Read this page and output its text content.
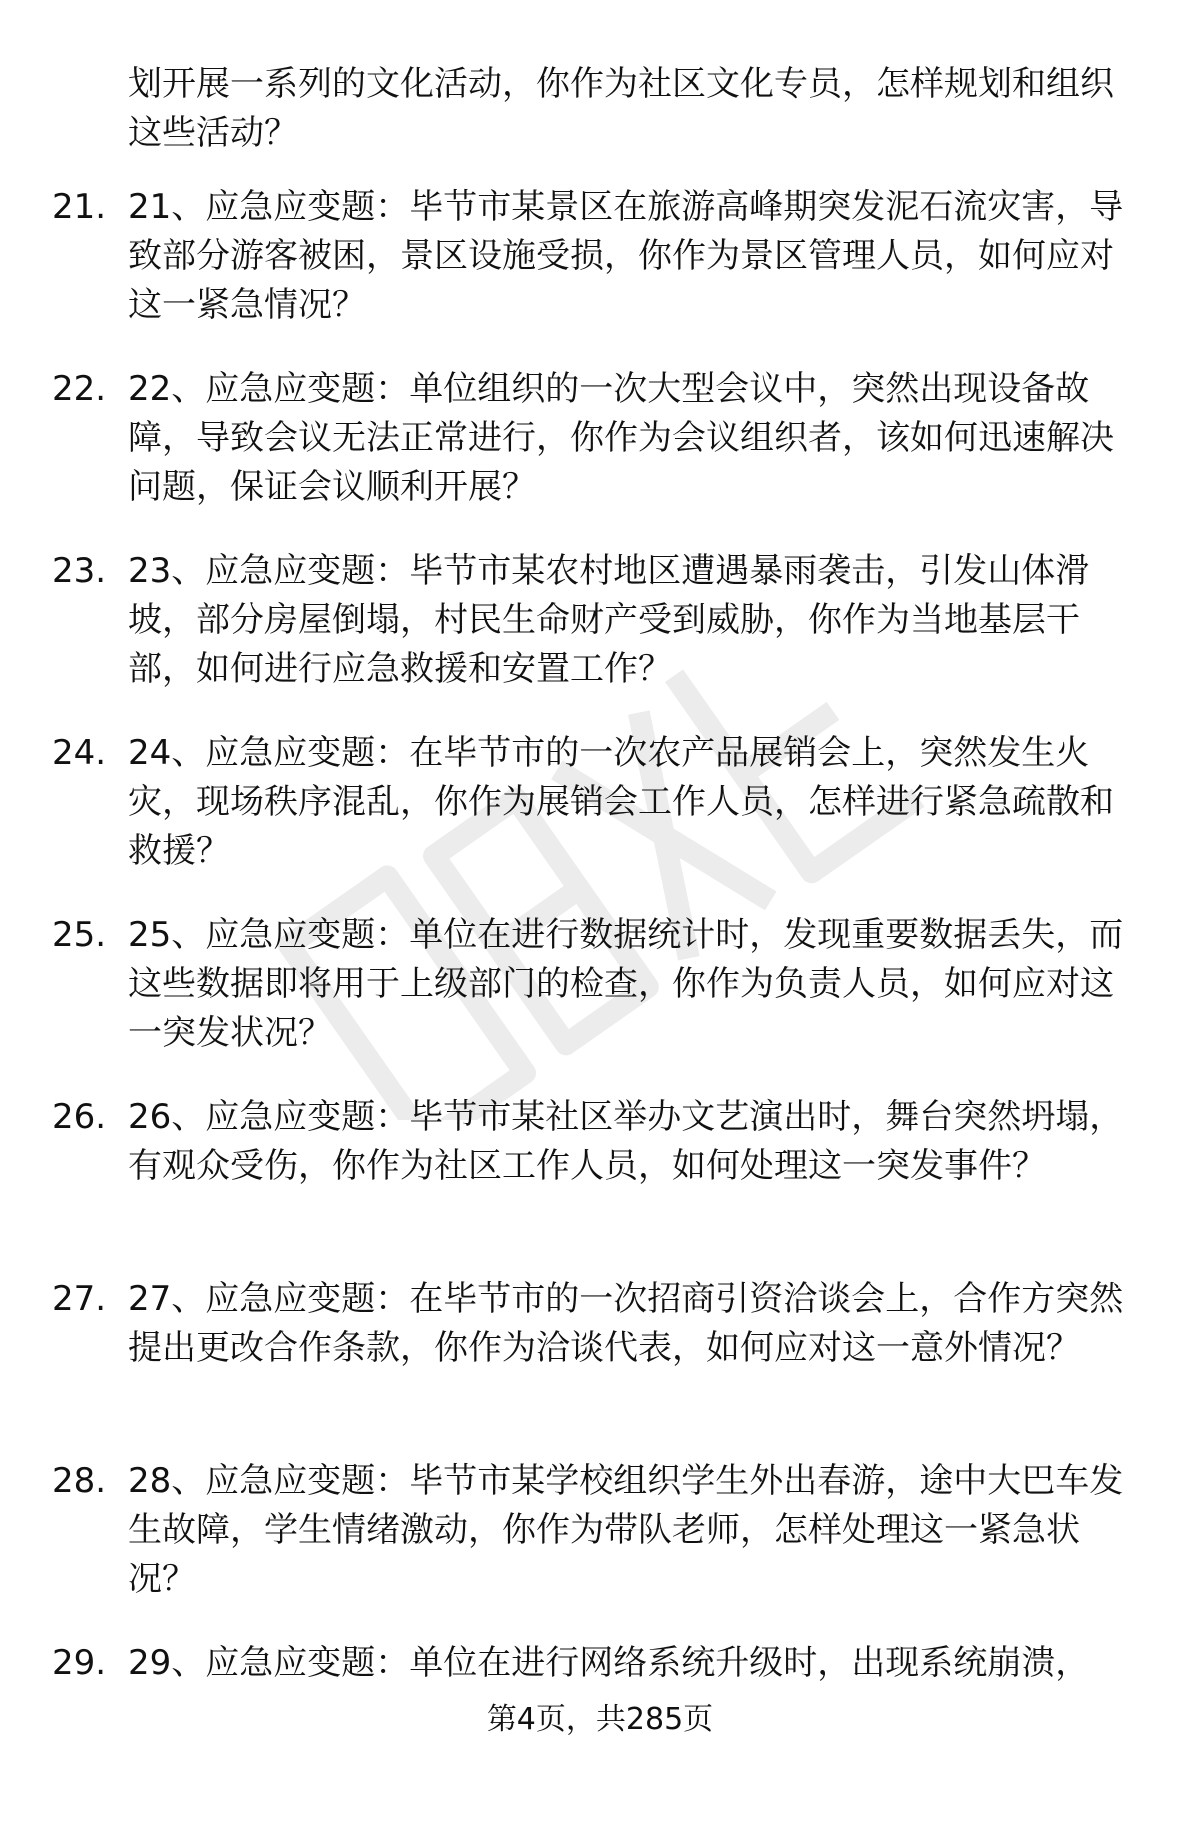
划开展一系列的文化活动，你作为社区文化专员，怎样规划和组织这些活动？

21. 21、应急应变题：毕节市某景区在旅游高峰期突发泥石流灾害，导致部分游客被困，景区设施受损，你作为景区管理人员，如何应对这一紧急情况？
22. 22、应急应变题：单位组织的一次大型会议中，突然出现设备故障，导致会议无法正常进行，你作为会议组织者，该如何迅速解决问题，保证会议顺利开展？
23. 23、应急应变题：毕节市某农村地区遭遇暴雨袭击，引发山体滑坡，部分房屋倒塌，村民生命财产受到威胁，你作为当地基层干部，如何进行应急救援和安置工作？
24. 24、应急应变题：在毕节市的一次农产品展销会上，突然发生火灾，现场秩序混乱，你作为展销会工作人员，怎样进行紧急疏散和救援？
25. 25、应急应变题：单位在进行数据统计时，发现重要数据丢失，而这些数据即将用于上级部门的检查，你作为负责人员，如何应对这一突发状况？
26. 26、应急应变题：毕节市某社区举办文艺演出时，舞台突然坍塌，有观众受伤，你作为社区工作人员，如何处理这一突发事件？
27. 27、应急应变题：在毕节市的一次招商引资洽谈会上，合作方突然提出更改合作条款，你作为洽谈代表，如何应对这一意外情况？
28. 28、应急应变题：毕节市某学校组织学生外出春游，途中大巴车发生故障，学生情绪激动，你作为带队老师，怎样处理这一紧急状况？
29. 29、应急应变题：单位在进行网络系统升级时，出现系统崩溃，
第4页，共285页
